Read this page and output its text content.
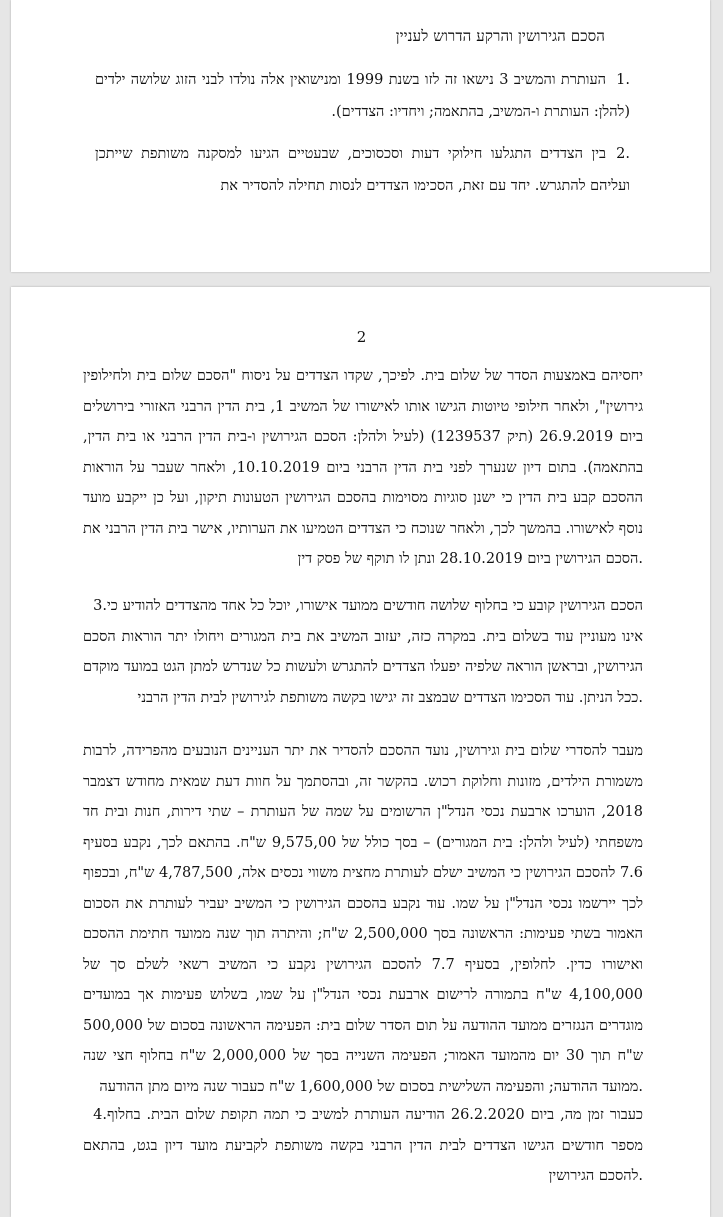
הסכם הגירושין והרקע הדרוש לעניין
1.העותרת והמשיב 3 נישאו זה לזו בשנת 1999 ומנישואין אלה נולדו לבני הזוג שלושה ילדים (להלן: העותרת ו-המשיב, בהתאמה; ויחדיו: הצדדים).
2.בין הצדדים התגלעו חילוקי דעות וסכסוכים, שבעטיים הגיעו למסקנה משותפת שייתכן ועליהם להתגרש. יחד עם זאת, הסכימו הצדדים לנסות תחילה להסדיר את
2
יחסיהם באמצעות הסדר של שלום בית. לפיכך, שקדו הצדדים על ניסוח "הסכם שלום בית ולחילופין גירושין", ולאחר חילופי טיוטות הגישו אותו לאישורו של המשיב 1, בית הדין הרבני האזורי בירושלים ביום 26.9.2019 (תיק 1239537) (לעיל ולהלן: הסכם הגירושין ו-בית הדין הרבני או בית הדין, בהתאמה). בתום דיון שנערך לפני בית הדין הרבני ביום 10.10.2019, ולאחר שעבר על הוראות ההסכם קבע בית הדין כי ישנן סוגיות מסוימות בהסכם הגירושין הטעונות תיקון, ועל כן ייקבע מועד נוסף לאישורו. בהמשך לכך, ולאחר שנוכח כי הצדדים הטמיעו את הערותיו, אישר בית הדין הרבני את הסכם הגירושין ביום 28.10.2019 ונתן לו תוקף של פסק דין.
3.הסכם הגירושין קובע כי בחלוף שלושה חודשים ממועד אישורו, יוכל כל אחד מהצדדים להודיע כי אינו מעוניין עוד בשלום בית. במקרה כזה, יעזוב המשיב את בית המגורים ויחולו יתר הוראות הסכם הגירושין, ובראשן הוראה שלפיה יפעלו הצדדים להתגרש ולעשות כל שנדרש למתן הגט במועד מוקדם ככל הניתן. עוד הסכימו הצדדים שבמצב זה יגישו בקשה משותפת לגירושין לבית הדין הרבני.
מעבר להסדרי שלום בית וגירושין, נועד ההסכם להסדיר את יתר העניינים הנובעים מהפרידה, לרבות משמורת הילדים, מזונות וחלוקת רכוש. בהקשר זה, ובהסתמך על חוות דעת שמאית מחודש דצמבר 2018, הוערכו ארבעת נכסי הנדל"ן הרשומים על שמה של העותרת – שתי דירות, חנות ובית חד משפחתי (לעיל ולהלן: בית המגורים) – בסך כולל של 9,575,00 ש"ח. בהתאם לכך, נקבע בסעיף 7.6 להסכם הגירושין כי המשיב ישלם לעותרת מחצית משווי נכסים אלה, 4,787,500 ש"ח, ובכפוף לכך יירשמו נכסי הנדל"ן על שמו. עוד נקבע בהסכם הגירושין כי המשיב יעביר לעותרת את הסכום האמור בשתי פעימות: הראשונה בסך 2,500,000 ש"ח; והיתרה תוך שנה ממועד חתימת ההסכם ואישורו כדין. לחלופין, בסעיף 7.7 להסכם הגירושין נקבע כי המשיב רשאי לשלם סך של 4,100,000 ש"ח בתמורה לרישום ארבעת נכסי הנדל"ן על שמו, בשלוש פעימות אך במועדים מוגדרים הנגזרים ממועד ההודעה על תום הסדר שלום בית: הפעימה הראשונה בסכום של 500,000 ש"ח תוך 30 יום מהמועד האמור; הפעימה השנייה בסך של 2,000,000 ש"ח בחלוף חצי שנה ממועד ההודעה; והפעימה השלישית בסכום של 1,600,000 ש"ח כעבור שנה מיום מתן ההודעה.
4.כעבור זמן מה, ביום 26.2.2020 הודיעה העותרת למשיב כי תמה תקופת שלום הבית. בחלוף מספר חודשים הגישו הצדדים לבית הדין הרבני בקשה משותפת לקביעת מועד דיון בגט, בהתאם להסכם הגירושין.
